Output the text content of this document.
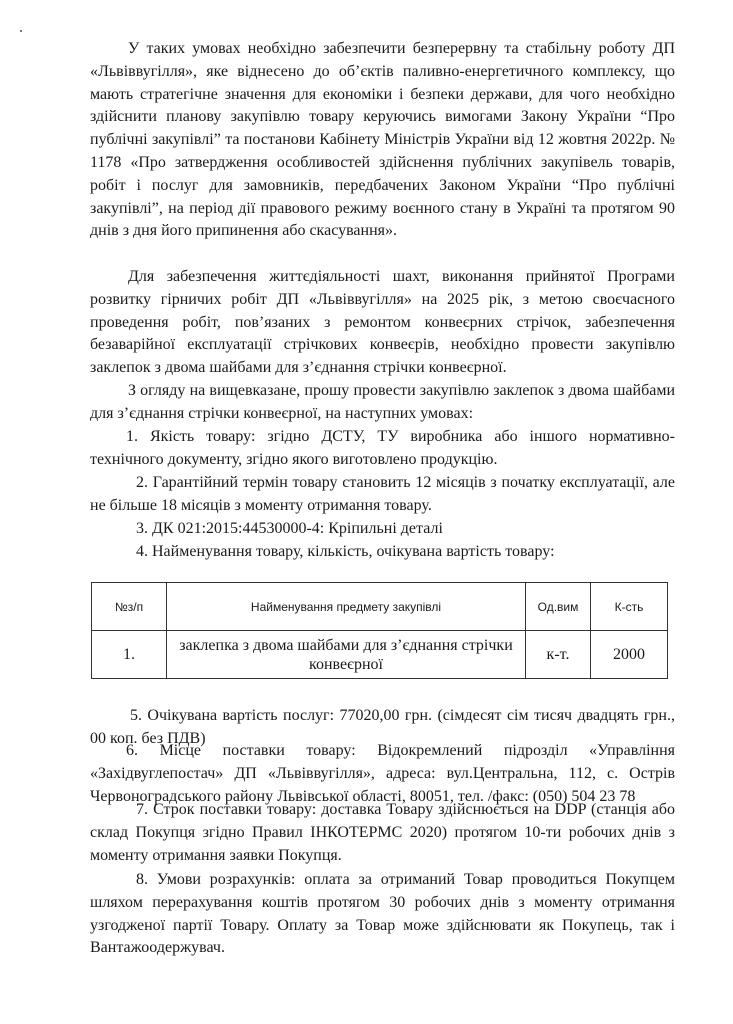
У таких умовах необхідно забезпечити безперервну та стабільну роботу ДП «Львіввугілля», яке віднесено до об’єктів паливно-енергетичного комплексу, що мають стратегічне значення для економіки і безпеки держави, для чого необхідно здійснити планову закупівлю товару керуючись вимогами Закону України “Про публічні закупівлі” та постанови Кабінету Міністрів України від 12 жовтня 2022р. № 1178 «Про затвердження особливостей здійснення публічних закупівель товарів, робіт і послуг для замовників, передбачених Законом України “Про публічні закупівлі”, на період дії правового режиму воєнного стану в Україні та протягом 90 днів з дня його припинення або скасування».

Для забезпечення життєдіяльності шахт, виконання прийнятої Програми розвитку гірничих робіт ДП «Львіввугілля» на 2025 рік, з метою своєчасного проведення робіт, пов’язаних з ремонтом конвеєрних стрічок, забезпечення безаварійної експлуатації стрічкових конвеєрів, необхідно провести закупівлю заклепок з двома шайбами для з’єднання стрічки конвеєрної.

З огляду на вищевказане, прошу провести закупівлю заклепок з двома шайбами для з’єднання стрічки конвеєрної, на наступних умовах:

1. Якість товару: згідно ДСТУ, ТУ виробника або іншого нормативно-технічного документу, згідно якого виготовлено продукцію.

2. Гарантійний термін товару становить 12 місяців з початку експлуатації, але не більше 18 місяців з моменту отримання товару.

3. ДК 021:2015:44530000-4: Кріпильні деталі

4. Найменування товару, кількість, очікувана вартість товару:

№з/п	Найменування предмету закупівлі	Од.вим	К-сть
1.	заклепка з двома шайбами для з’єднання стрічки конвеєрної	к-т.	2000

5. Очікувана вартість послуг: 77020,00 грн. (сімдесят сім тисяч двадцять грн., 00 коп. без ПДВ)

6. Місце поставки товару: Відокремлений підрозділ «Управління «Західвуглепостач» ДП «Львіввугілля», адреса: вул.Центральна, 112, с. Острів Червоноградського району Львівської області, 80051, тел. /факс: (050) 504 23 78

7. Строк поставки товару: доставка Товару здійснюється на DDP (станція або склад Покупця згідно Правил ІНКОТЕРМС 2020) протягом 10-ти робочих днів з моменту отримання заявки Покупця.

8. Умови розрахунків: оплата за отриманий Товар проводиться Покупцем шляхом перерахування коштів протягом 30 робочих днів з моменту отримання узгодженої партії Товару. Оплату за Товар може здійснювати як Покупець, так і Вантажоодержувач.
